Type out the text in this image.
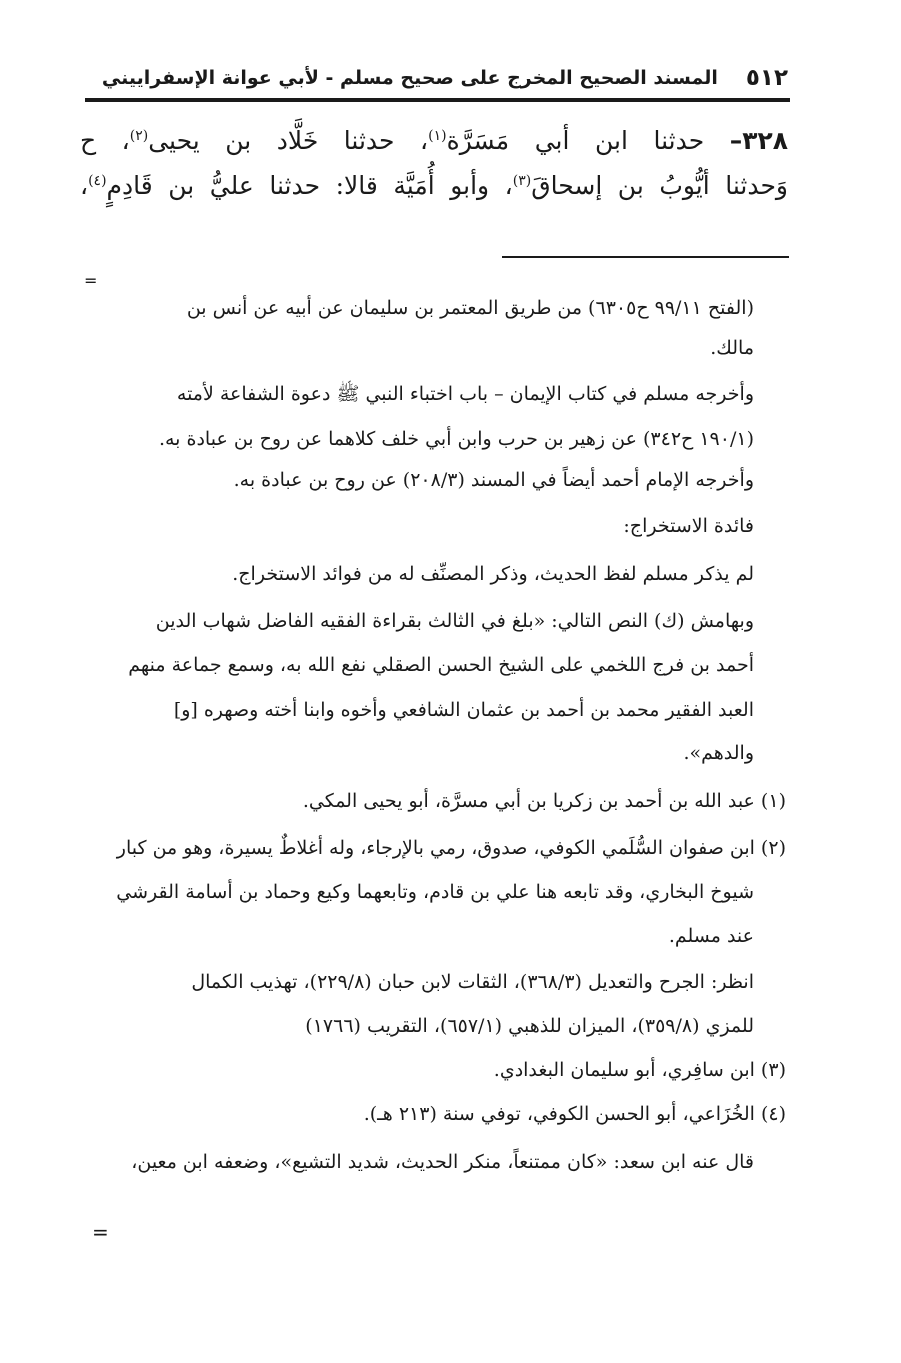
٥١٢
المسند الصحيح المخرج على صحيح مسلم - لأبي عوانة الإسفراييني

٣٢٨– حدثنا ابن أبي مَسَرَّة$^{(١)}$، حدثنا خَلَّاد بن يحيى$^{(٢)}$، ح

وَحدثنا أيُّوبُ بن إسحاقَ$^{(٣)}$، وأبو أُمَيَّة قالا: حدثنا عليُّ بن قَادِمٍ$^{(٤)}$،

=

(الفتح ٩٩/١١ ح٦٣٠٥) من طريق المعتمر بن سليمان عن أبيه عن أنس بن

مالك.

وأخرجه مسلم في كتاب الإيمان – باب اختباء النبي ﷺ دعوة الشفاعة لأمته

(١٩٠/١ ح٣٤٢) عن زهير بن حرب وابن أبي خلف كلاهما عن روح بن عبادة به.

وأخرجه الإمام أحمد أيضاً في المسند (٢٠٨/٣) عن روح بن عبادة به.

فائدة الاستخراج:

لم يذكر مسلم لفظ الحديث، وذكر المصنِّف له من فوائد الاستخراج.

وبهامش (ك) النص التالي: «بلغ في الثالث بقراءة الفقيه الفاضل شهاب الدين

أحمد بن فرج اللخمي على الشيخ الحسن الصقلي نفع الله به، وسمع جماعة منهم

العبد الفقير محمد بن أحمد بن عثمان الشافعي وأخوه وابنا أخته وصهره [و]

والدهم».

(١) عبد الله بن أحمد بن زكريا بن أبي مسرَّة، أبو يحيى المكي.

(٢) ابن صفوان السُّلَمي الكوفي، صدوق، رمي بالإرجاء، وله أغلاطٌ يسيرة، وهو من كبار

شيوخ البخاري، وقد تابعه هنا علي بن قادم، وتابعهما وكيع وحماد بن أسامة القرشي

عند مسلم.

انظر: الجرح والتعديل (٣٦٨/٣)، الثقات لابن حبان (٢٢٩/٨)، تهذيب الكمال

للمزي (٣٥٩/٨)، الميزان للذهبي (٦٥٧/١)، التقريب (١٧٦٦)

(٣) ابن سافِري، أبو سليمان البغدادي.

(٤) الخُزَاعي، أبو الحسن الكوفي، توفي سنة (٢١٣ هـ).

قال عنه ابن سعد: «كان ممتنعاً، منكر الحديث، شديد التشيع»، وضعفه ابن معين،

=
